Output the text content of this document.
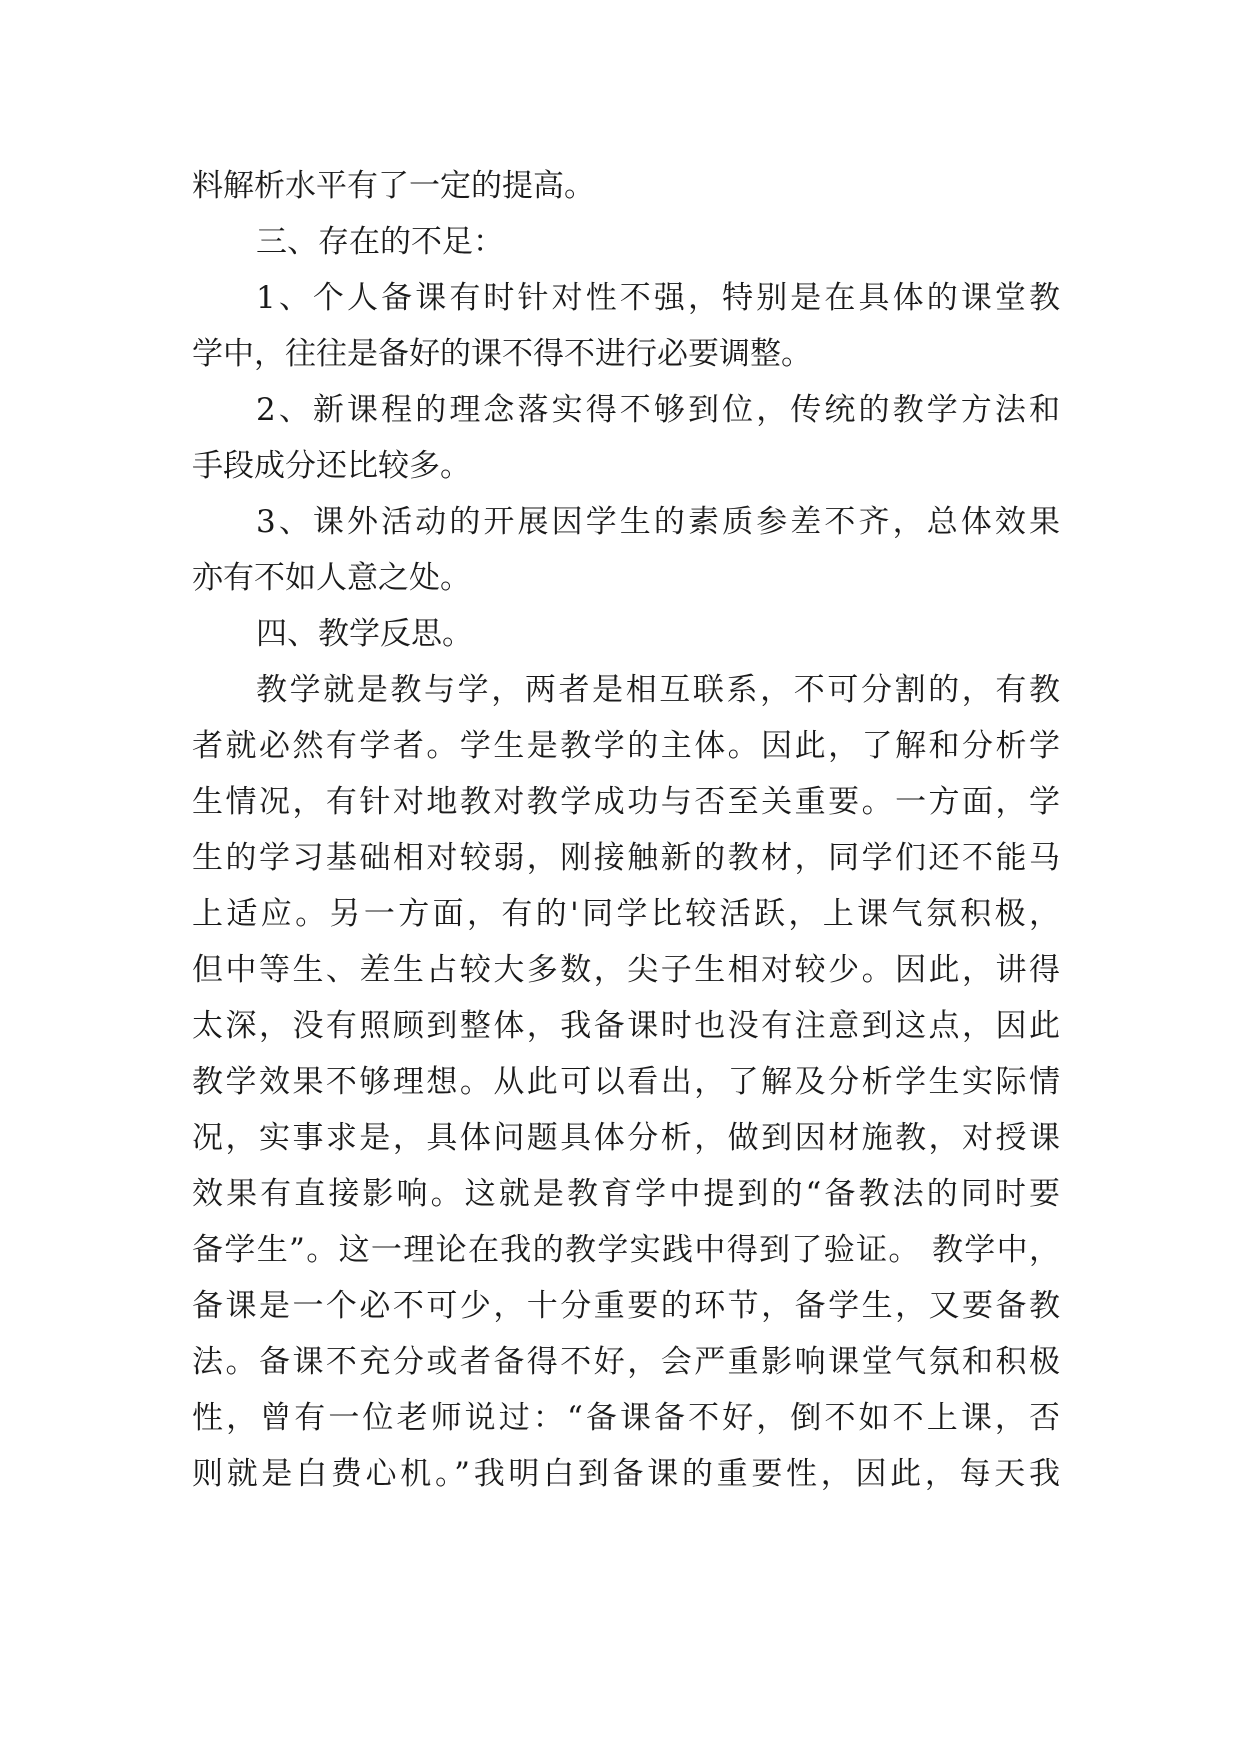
料解析水平有了一定的提高。
三、存在的不足：
1、个人备课有时针对性不强，特别是在具体的课堂教
学中，往往是备好的课不得不进行必要调整。
2、新课程的理念落实得不够到位，传统的教学方法和
手段成分还比较多。
3、课外活动的开展因学生的素质参差不齐，总体效果
亦有不如人意之处。
四、教学反思。
教学就是教与学，两者是相互联系，不可分割的，有教
者就必然有学者。学生是教学的主体。因此，了解和分析学
生情况，有针对地教对教学成功与否至关重要。一方面，学
生的学习基础相对较弱，刚接触新的教材，同学们还不能马
上适应。另一方面，有的'同学比较活跃，上课气氛积极，
但中等生、差生占较大多数，尖子生相对较少。因此，讲得
太深，没有照顾到整体，我备课时也没有注意到这点，因此
教学效果不够理想。从此可以看出，了解及分析学生实际情
况，实事求是，具体问题具体分析，做到因材施教，对授课
效果有直接影响。这就是教育学中提到的“备教法的同时要
备学生”。这一理论在我的教学实践中得到了验证。 教学中，
备课是一个必不可少，十分重要的环节，备学生，又要备教
法。备课不充分或者备得不好，会严重影响课堂气氛和积极
性，曾有一位老师说过：“备课备不好，倒不如不上课，否
则就是白费心机。”我明白到备课的重要性，因此，每天我
